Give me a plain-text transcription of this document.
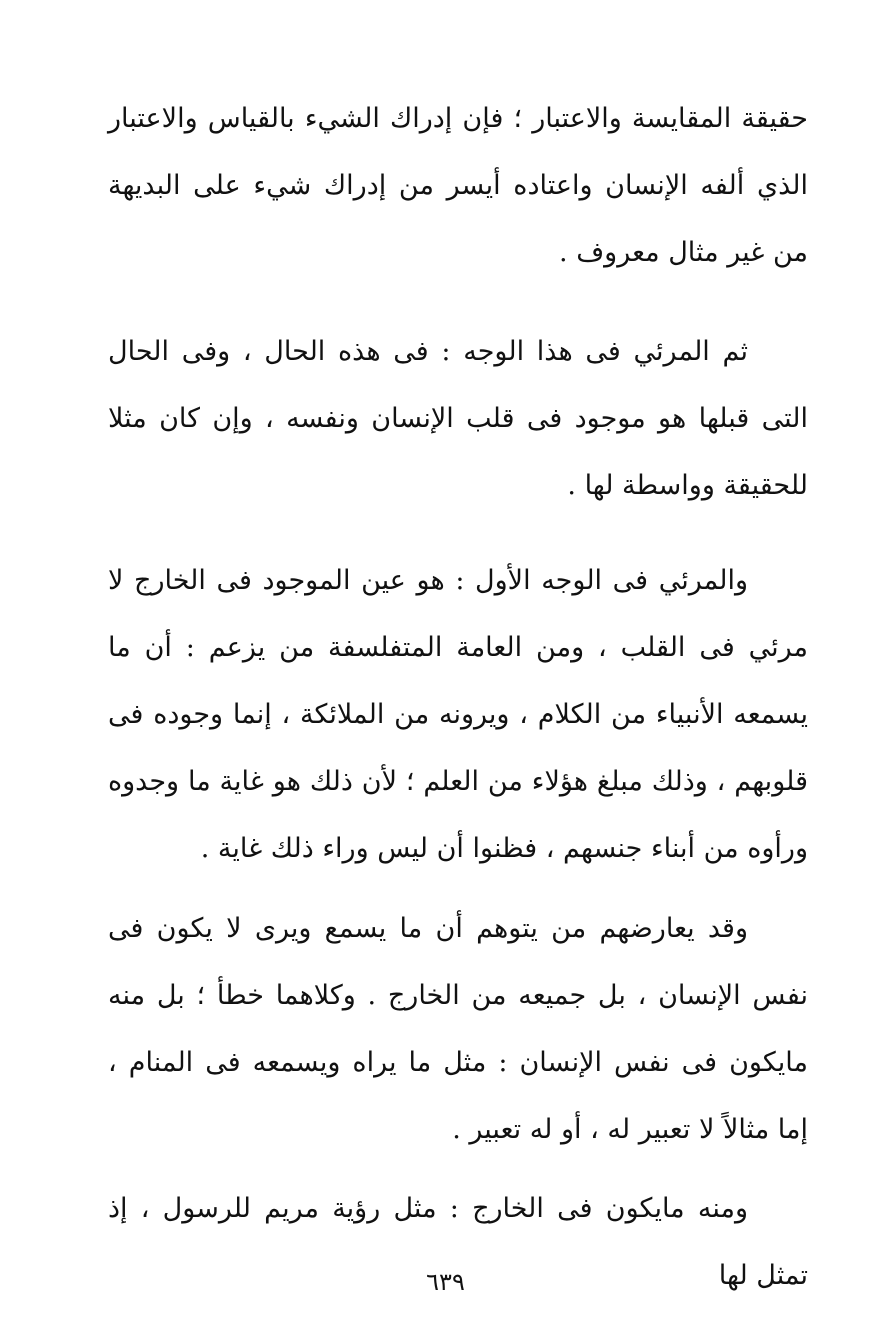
حقيقة المقايسة والاعتبار ؛ فإن إدراك الشيء بالقياس والاعتبار الذي ألفه الإنسان واعتاده أيسر من إدراك شيء على البديهة من غير مثال معروف .

ثم المرئي فى هذا الوجه : فى هذه الحال ، وفى الحال التى قبلها هو موجود فى قلب الإنسان ونفسه ، وإن كان مثلا للحقيقة وواسطة لها .

والمرئي فى الوجه الأول : هو عين الموجود فى الخارج لا مرئي فى القلب ، ومن العامة المتفلسفة من يزعم : أن ما يسمعه الأنبياء من الكلام ، ويرونه من الملائكة ، إنما وجوده فى قلوبهم ، وذلك مبلغ هؤلاء من العلم ؛ لأن ذلك هو غاية ما وجدوه ورأوه من أبناء جنسهم ، فظنوا أن ليس وراء ذلك غاية .

وقد يعارضهم من يتوهم أن ما يسمع ويرى لا يكون فى نفس الإنسان ، بل جميعه من الخارج . وكلاهما خطأ ؛ بل منه مايكون فى نفس الإنسان : مثل ما يراه ويسمعه فى المنام ، إما مثالاً لا تعبير له ، أو له تعبير .

ومنه مايكون فى الخارج : مثل رؤية مريم للرسول ، إذ تمثل لها

٦٣٩
